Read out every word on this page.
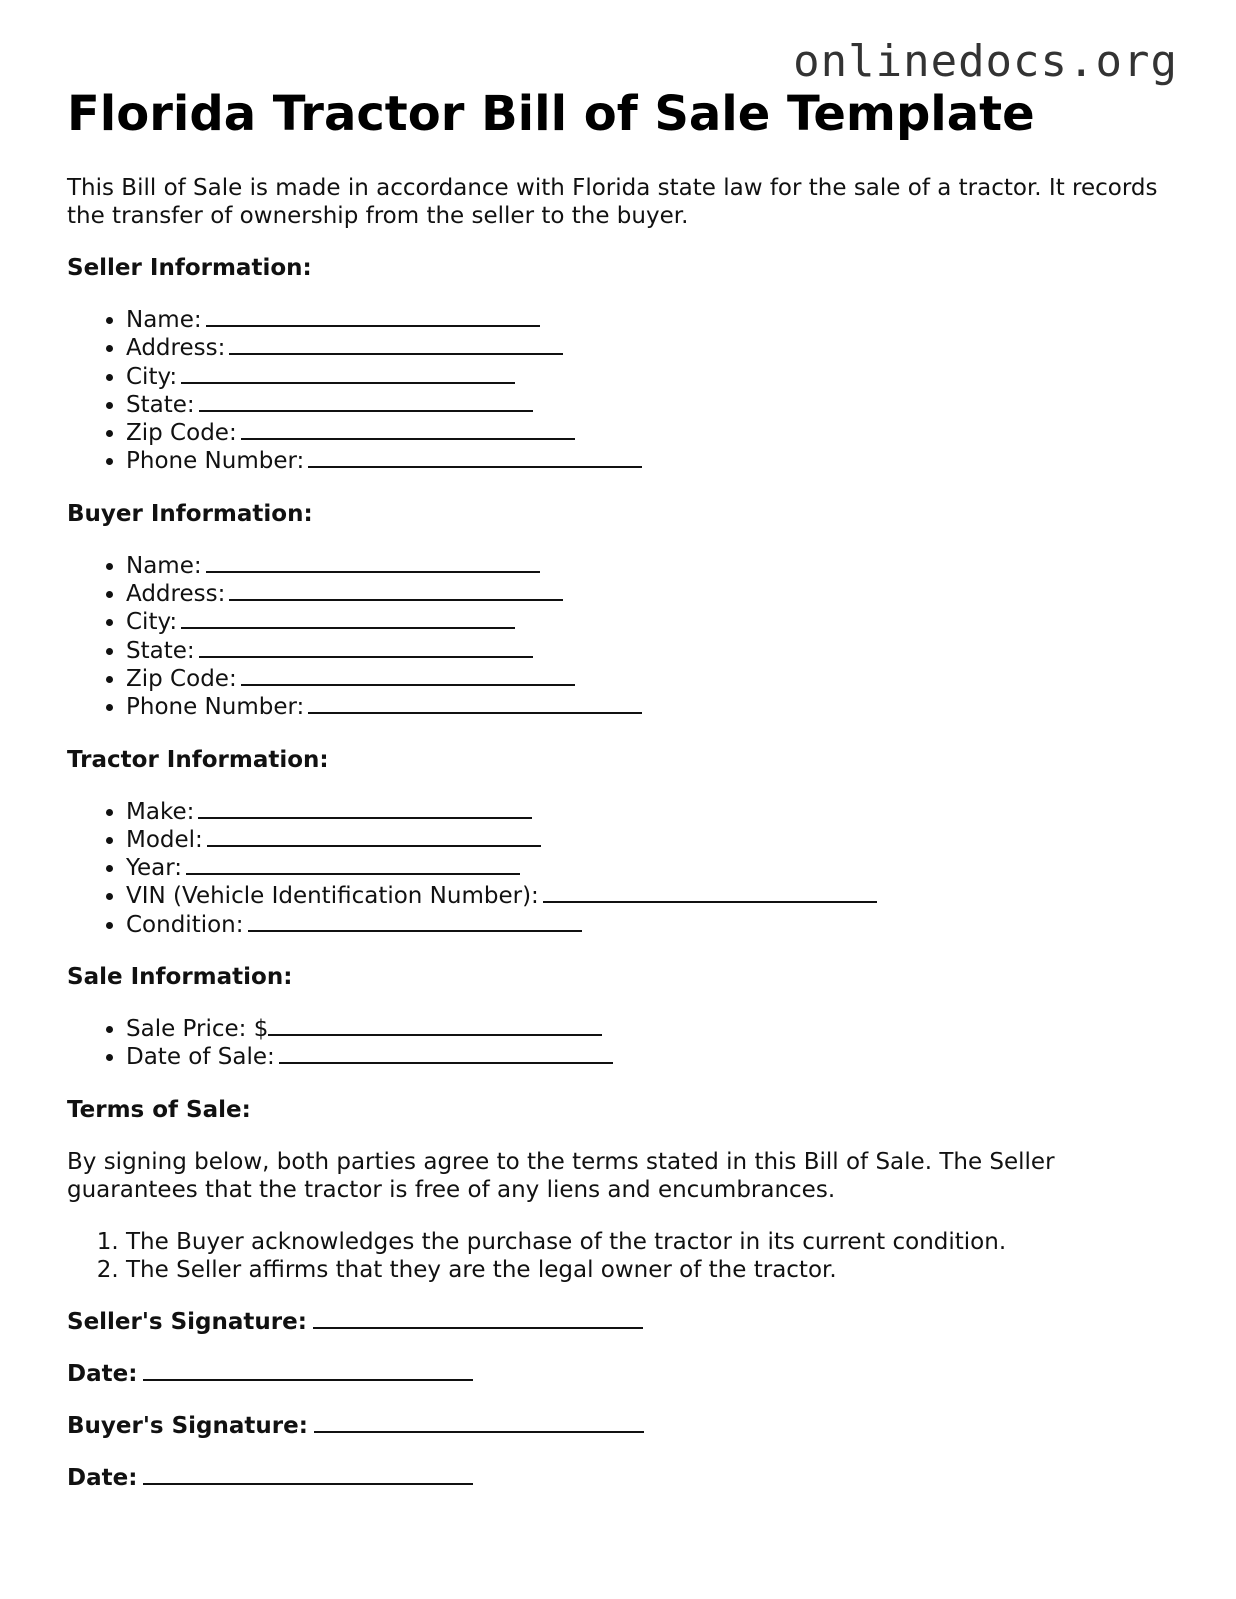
onlinedocs.org
Florida Tractor Bill of Sale Template

This Bill of Sale is made in accordance with Florida state law for the sale of a tractor. It records the transfer of ownership from the seller to the buyer.

Seller Information:

• Name:
• Address:
• City:
• State:
• Zip Code:
• Phone Number:

Buyer Information:

• Name:
• Address:
• City:
• State:
• Zip Code:
• Phone Number:

Tractor Information:

• Make:
• Model:
• Year:
• VIN (Vehicle Identification Number):
• Condition:

Sale Information:

• Sale Price: $
• Date of Sale:

Terms of Sale:

By signing below, both parties agree to the terms stated in this Bill of Sale. The Seller guarantees that the tractor is free of any liens and encumbrances.

1. The Buyer acknowledges the purchase of the tractor in its current condition.
2. The Seller affirms that they are the legal owner of the tractor.

Seller's Signature:

Date:

Buyer's Signature:

Date:
